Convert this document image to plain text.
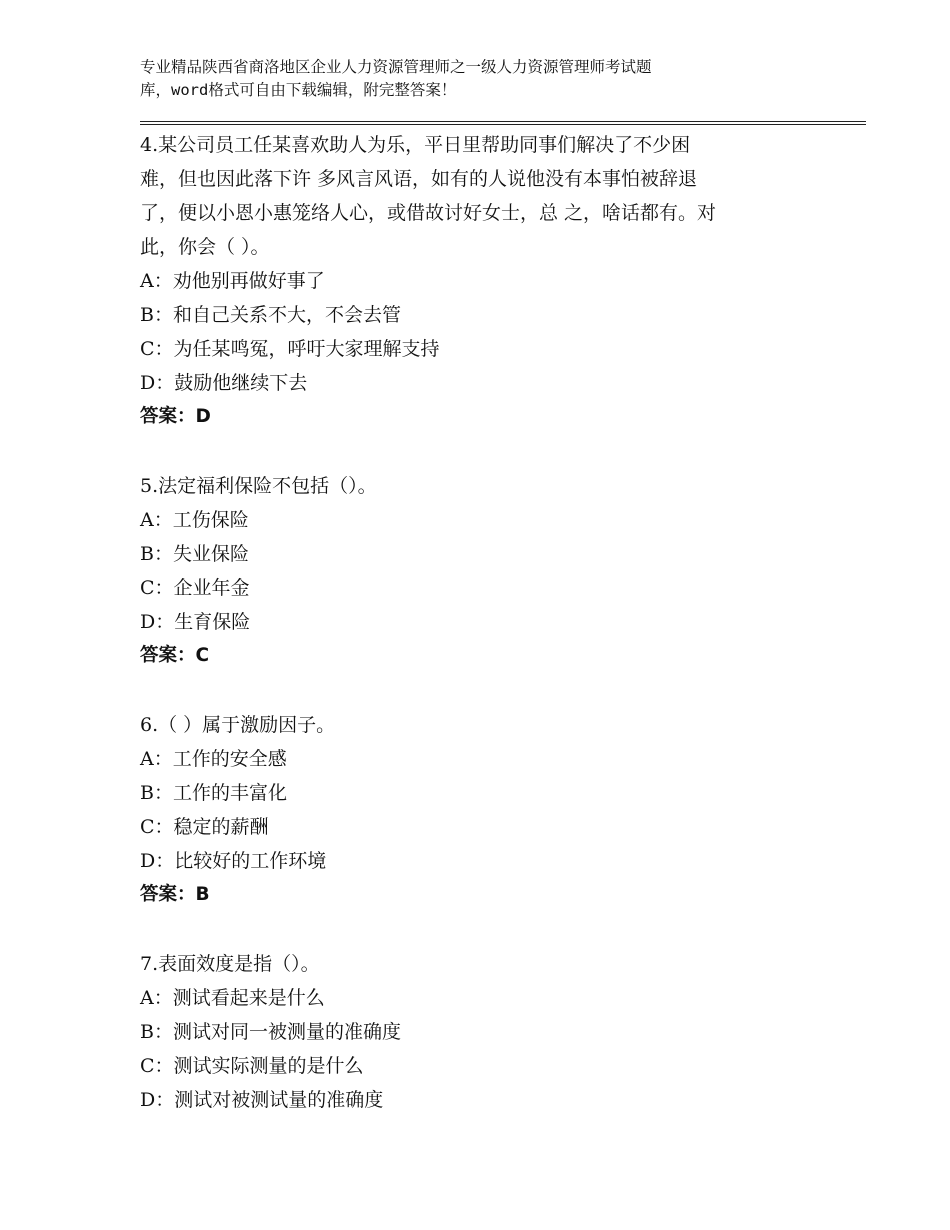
专业精品陕西省商洛地区企业人力资源管理师之一级人力资源管理师考试题
库，word格式可自由下载编辑，附完整答案！
4.某公司员工任某喜欢助人为乐，平日里帮助同事们解决了不少困
难，但也因此落下许 多风言风语，如有的人说他没有本事怕被辞退
了，便以小恩小惠笼络人心，或借故讨好女士，总 之，啥话都有。对
此，你会（ ）。
A：劝他别再做好事了
B：和自己关系不大，不会去管
C：为任某鸣冤，呼吁大家理解支持
D：鼓励他继续下去
答案：D
5.法定福利保险不包括（）。
A：工伤保险
B：失业保险
C：企业年金
D：生育保险
答案：C
6.（ ）属于激励因子。
A：工作的安全感
B：工作的丰富化
C：稳定的薪酬
D：比较好的工作环境
答案：B
7.表面效度是指（）。
A：测试看起来是什么
B：测试对同一被测量的准确度
C：测试实际测量的是什么
D：测试对被测试量的准确度
